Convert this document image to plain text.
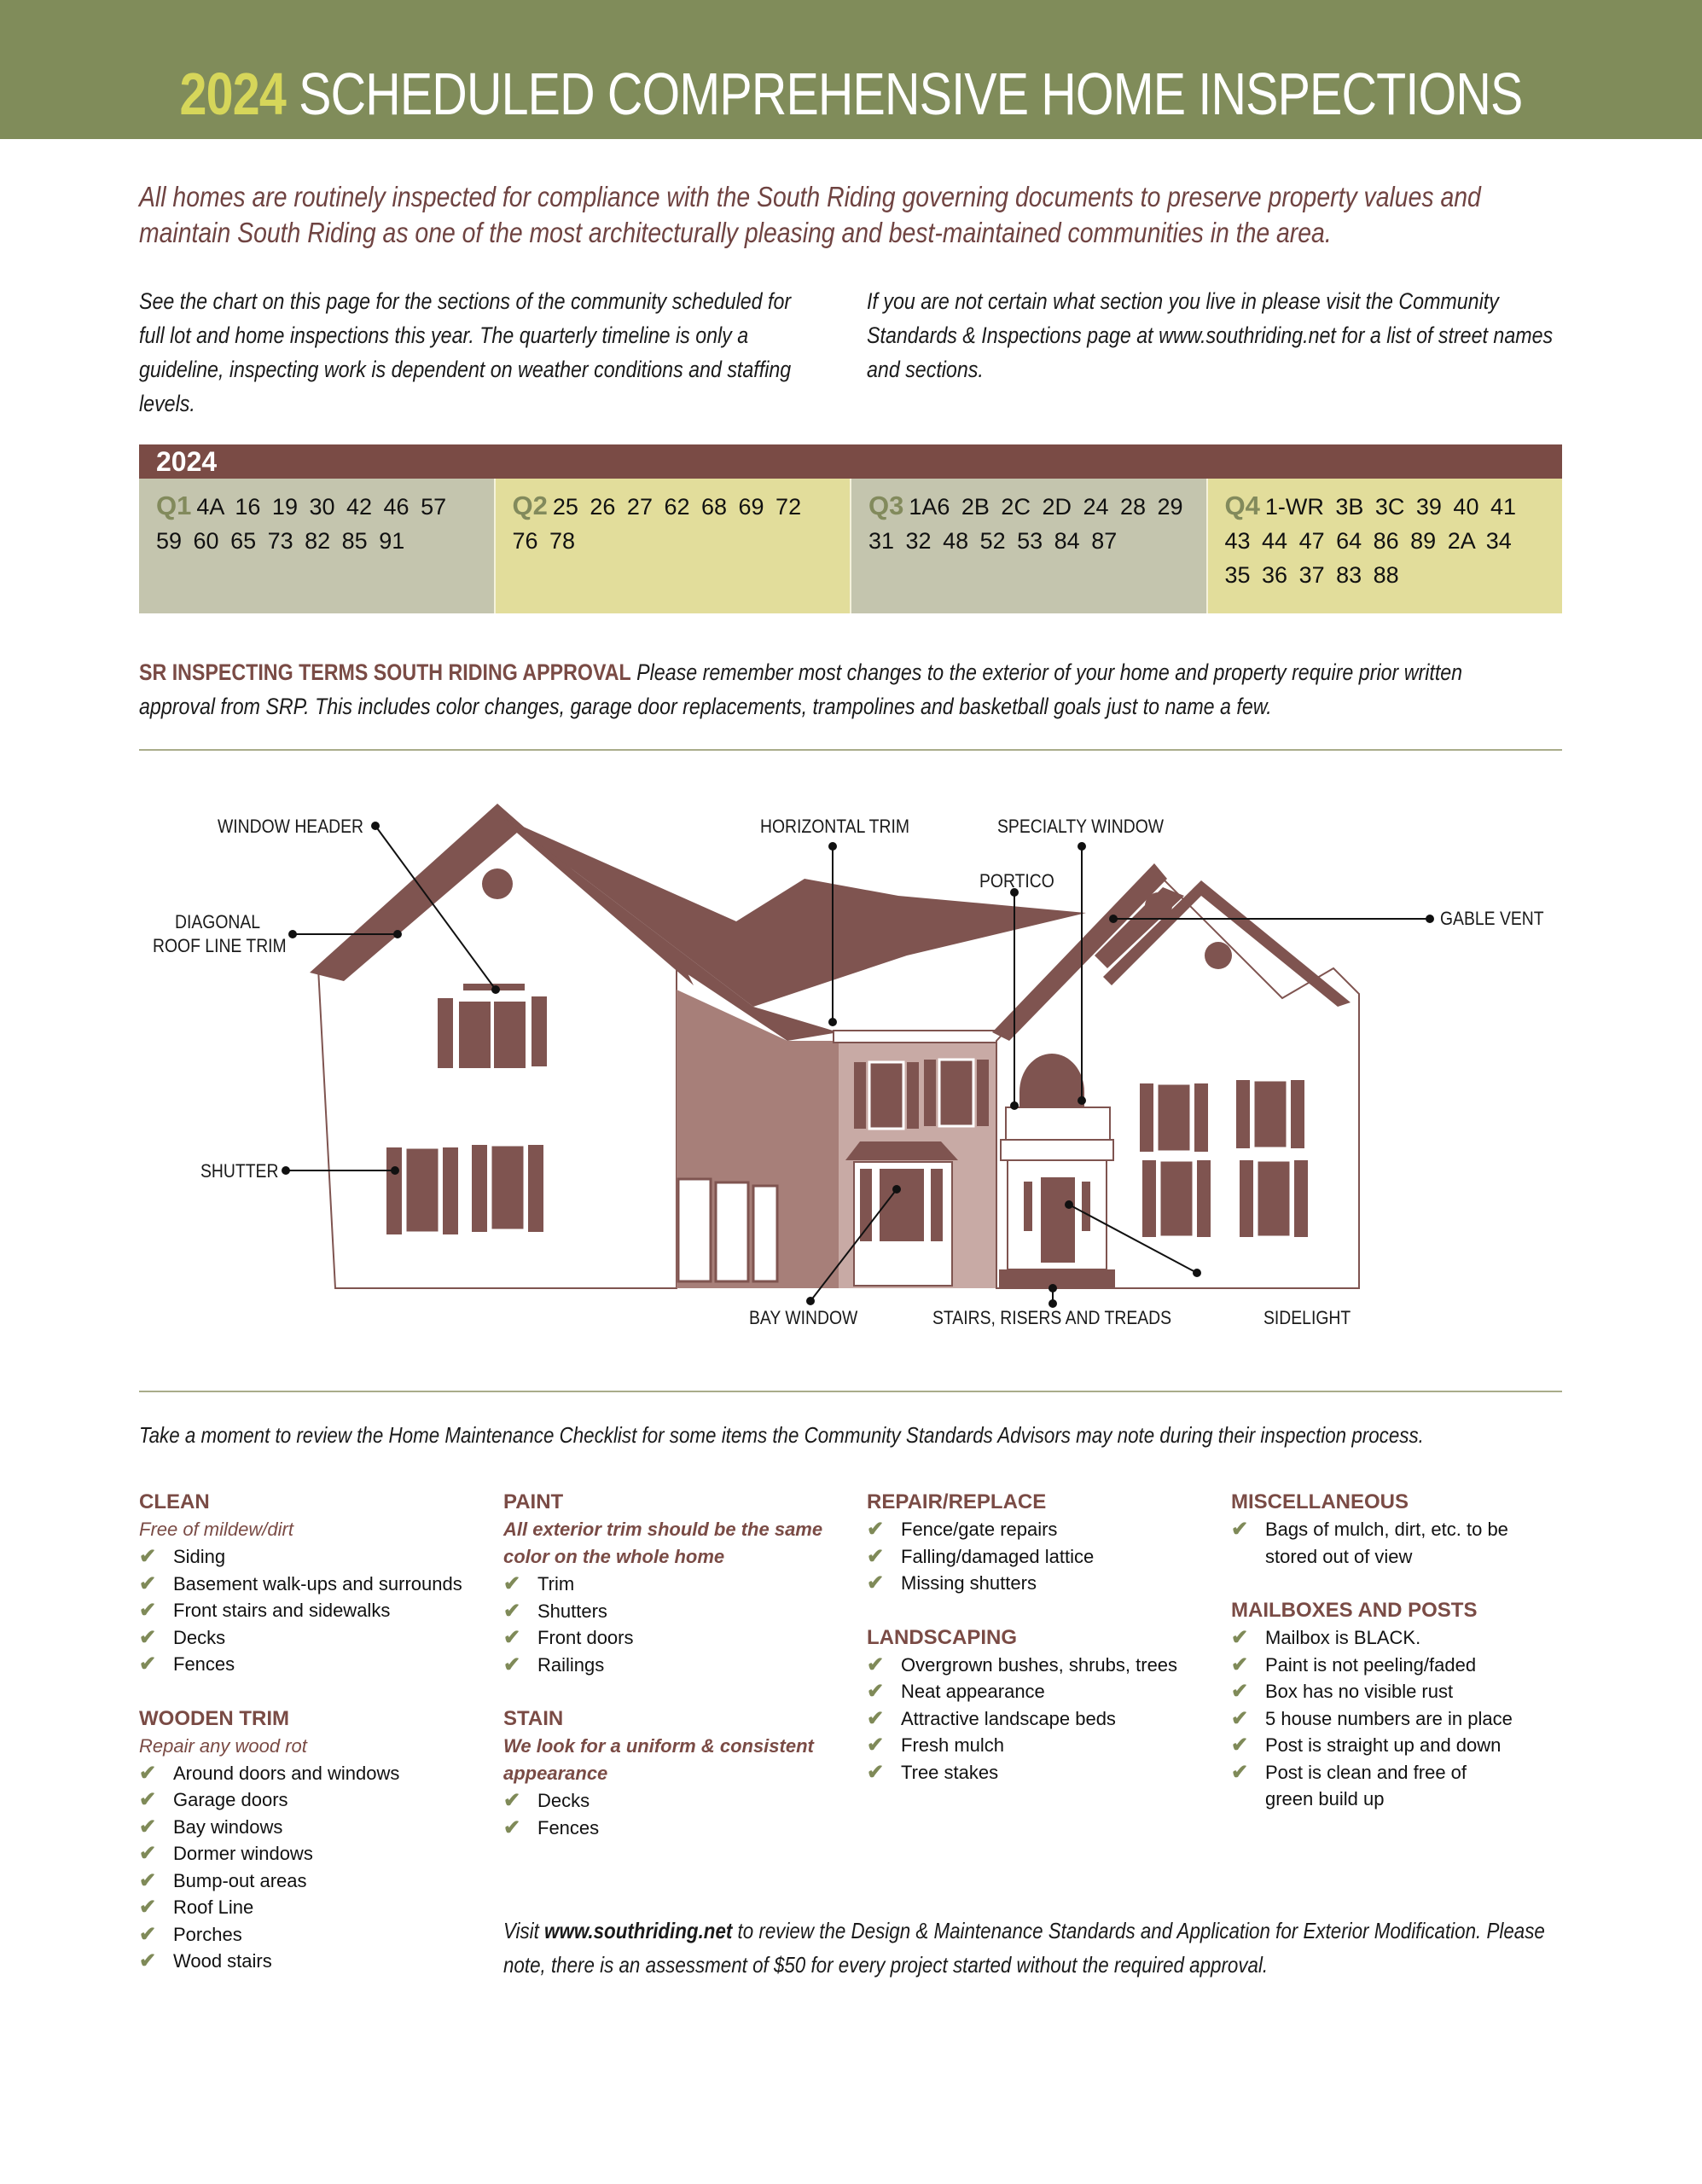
2024 SCHEDULED COMPREHENSIVE HOME INSPECTIONS
All homes are routinely inspected for compliance with the South Riding governing documents to preserve property values and maintain South Riding as one of the most architecturally pleasing and best-maintained communities in the area.
See the chart on this page for the sections of the community scheduled for full lot and home inspections this year. The quarterly timeline is only a guideline, inspecting work is dependent on weather conditions and staffing levels.
If you are not certain what section you live in please visit the Community Standards & Inspections page at www.southriding.net for a list of street names and sections.
2024
Q1 4A 16 19 30 42 46 57 59 60 65 73 82 85 91
Q2 25 26 27 62 68 69 72 76 78
Q3 1A6 2B 2C 2D 24 28 29 31 32 48 52 53 84 87
Q4 1-WR 3B 3C 39 40 41 43 44 47 64 86 89 2A 34 35 36 37 83 88
SR INSPECTING TERMS SOUTH RIDING APPROVAL Please remember most changes to the exterior of your home and property require prior written approval from SRP. This includes color changes, garage door replacements, trampolines and basketball goals just to name a few.
WINDOW HEADER
DIAGONAL
ROOF LINE TRIM
SHUTTER
HORIZONTAL TRIM	SPECIALTY WINDOW
PORTICO
GABLE VENT
BAY WINDOW	STAIRS, RISERS AND TREADS	SIDELIGHT
Take a moment to review the Home Maintenance Checklist for some items the Community Standards Advisors may note during their inspection process.
CLEAN
Free of mildew/dirt
✔ Siding
✔ Basement walk-ups and surrounds
✔ Front stairs and sidewalks
✔ Decks
✔ Fences
WOODEN TRIM
Repair any wood rot
✔ Around doors and windows
✔ Garage doors
✔ Bay windows
✔ Dormer windows
✔ Bump-out areas
✔ Roof Line
✔ Porches
✔ Wood stairs
PAINT
All exterior trim should be the same color on the whole home
✔ Trim
✔ Shutters
✔ Front doors
✔ Railings
STAIN
We look for a uniform & consistent appearance
✔ Decks
✔ Fences
REPAIR/REPLACE
✔ Fence/gate repairs
✔ Falling/damaged lattice
✔ Missing shutters
LANDSCAPING
✔ Overgrown bushes, shrubs, trees
✔ Neat appearance
✔ Attractive landscape beds
✔ Fresh mulch
✔ Tree stakes
MISCELLANEOUS
✔ Bags of mulch, dirt, etc. to be stored out of view
MAILBOXES AND POSTS
✔ Mailbox is BLACK.
✔ Paint is not peeling/faded
✔ Box has no visible rust
✔ 5 house numbers are in place
✔ Post is straight up and down
✔ Post is clean and free of green build up
Visit www.southriding.net to review the Design & Maintenance Standards and Application for Exterior Modification. Please note, there is an assessment of $50 for every project started without the required approval.
